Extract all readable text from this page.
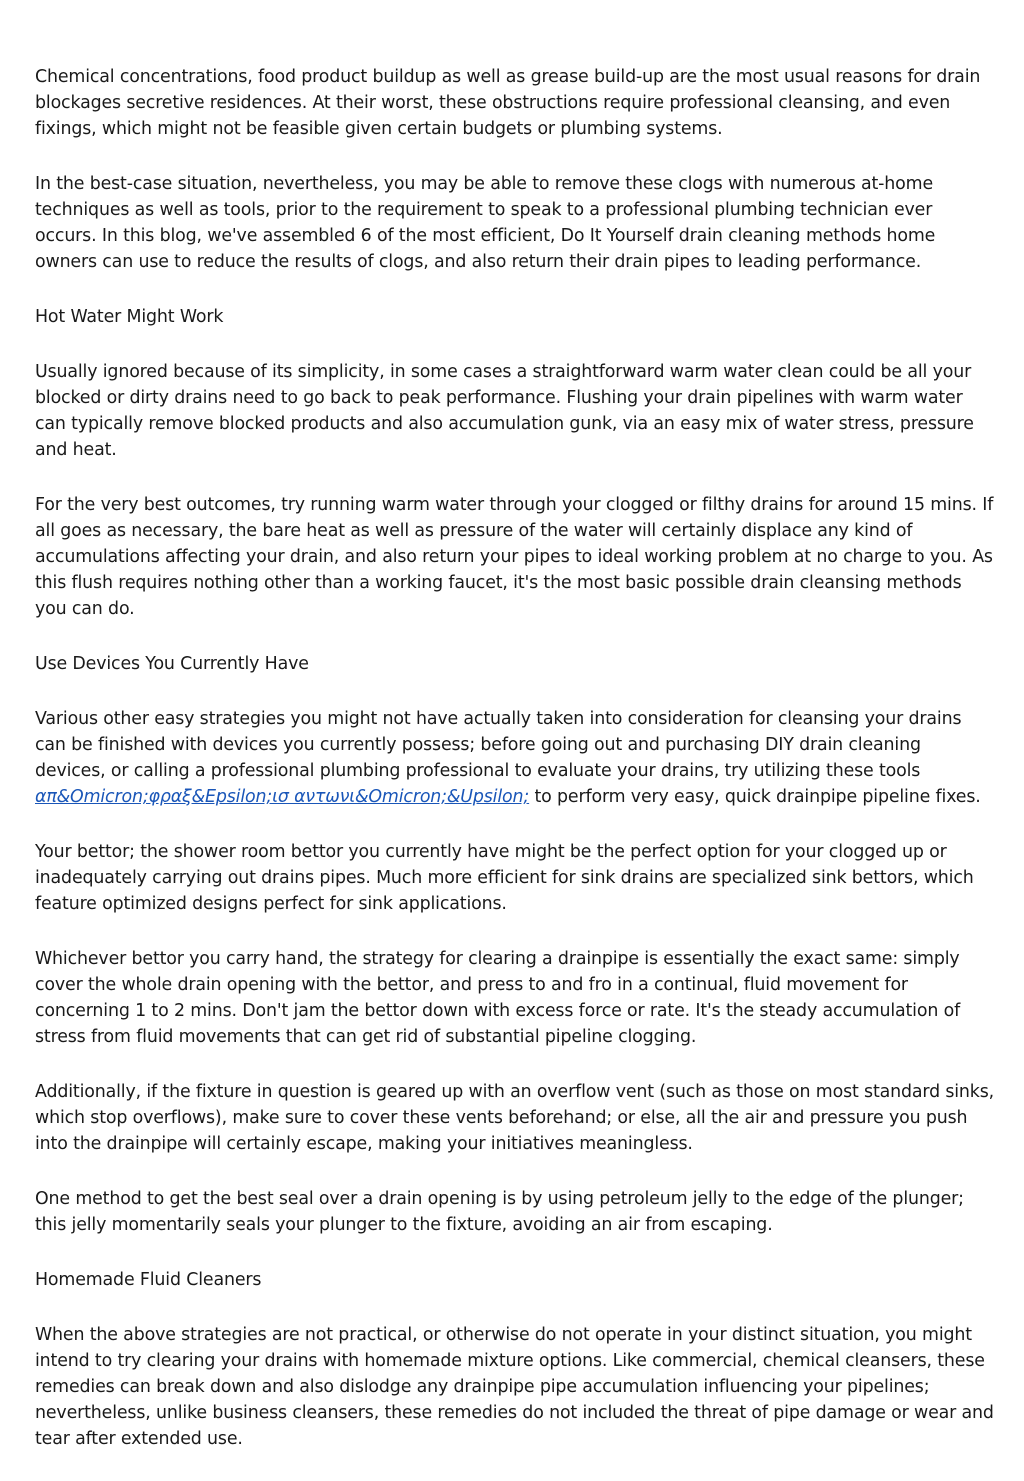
Chemical concentrations, food product buildup as well as grease build-up are the most usual reasons for drain blockages secretive residences. At their worst, these obstructions require professional cleansing, and even fixings, which might not be feasible given certain budgets or plumbing systems.

In the best-case situation, nevertheless, you may be able to remove these clogs with numerous at-home techniques as well as tools, prior to the requirement to speak to a professional plumbing technician ever occurs. In this blog, we've assembled 6 of the most efficient, Do It Yourself drain cleaning methods home owners can use to reduce the results of clogs, and also return their drain pipes to leading performance.

Hot Water Might Work

Usually ignored because of its simplicity, in some cases a straightforward warm water clean could be all your blocked or dirty drains need to go back to peak performance. Flushing your drain pipelines with warm water can typically remove blocked products and also accumulation gunk, via an easy mix of water stress, pressure and heat.

For the very best outcomes, try running warm water through your clogged or filthy drains for around 15 mins. If all goes as necessary, the bare heat as well as pressure of the water will certainly displace any kind of accumulations affecting your drain, and also return your pipes to ideal working problem at no charge to you. As this flush requires nothing other than a working faucet, it's the most basic possible drain cleansing methods you can do.

Use Devices You Currently Have

Various other easy strategies you might not have actually taken into consideration for cleansing your drains can be finished with devices you currently possess; before going out and purchasing DIY drain cleaning devices, or calling a professional plumbing professional to evaluate your drains, try utilizing these tools απ&Omicron;φραξ&Epsilon;ισ αντωνι&Omicron;&Upsilon; to perform very easy, quick drainpipe pipeline fixes.

Your bettor; the shower room bettor you currently have might be the perfect option for your clogged up or inadequately carrying out drains pipes. Much more efficient for sink drains are specialized sink bettors, which feature optimized designs perfect for sink applications.

Whichever bettor you carry hand, the strategy for clearing a drainpipe is essentially the exact same: simply cover the whole drain opening with the bettor, and press to and fro in a continual, fluid movement for concerning 1 to 2 mins. Don't jam the bettor down with excess force or rate. It's the steady accumulation of stress from fluid movements that can get rid of substantial pipeline clogging.

Additionally, if the fixture in question is geared up with an overflow vent (such as those on most standard sinks, which stop overflows), make sure to cover these vents beforehand; or else, all the air and pressure you push into the drainpipe will certainly escape, making your initiatives meaningless.

One method to get the best seal over a drain opening is by using petroleum jelly to the edge of the plunger; this jelly momentarily seals your plunger to the fixture, avoiding an air from escaping.

Homemade Fluid Cleaners

When the above strategies are not practical, or otherwise do not operate in your distinct situation, you might intend to try clearing your drains with homemade mixture options. Like commercial, chemical cleansers, these remedies can break down and also dislodge any drainpipe pipe accumulation influencing your pipelines; nevertheless, unlike business cleansers, these remedies do not included the threat of pipe damage or wear and tear after extended use.
